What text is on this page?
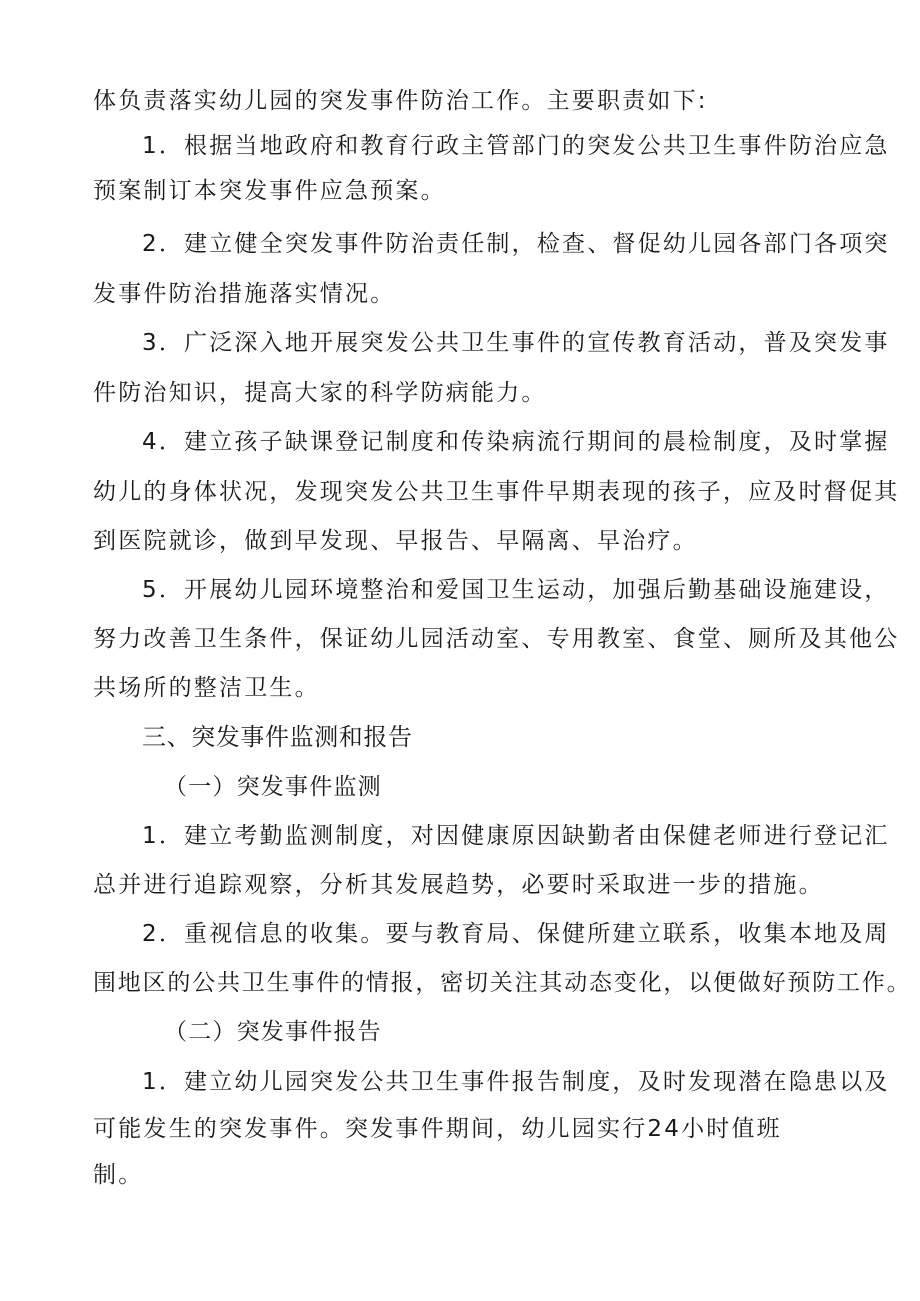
体负责落实幼儿园的突发事件防治工作。主要职责如下:
1．根据当地政府和教育行政主管部门的突发公共卫生事件防治应急
预案制订本突发事件应急预案。
2．建立健全突发事件防治责任制，检查、督促幼儿园各部门各项突
发事件防治措施落实情况。
3．广泛深入地开展突发公共卫生事件的宣传教育活动，普及突发事
件防治知识，提高大家的科学防病能力。
4．建立孩子缺课登记制度和传染病流行期间的晨检制度，及时掌握
幼儿的身体状况，发现突发公共卫生事件早期表现的孩子，应及时督促其
到医院就诊，做到早发现、早报告、早隔离、早治疗。
5．开展幼儿园环境整治和爱国卫生运动，加强后勤基础设施建设，
努力改善卫生条件，保证幼儿园活动室、专用教室、食堂、厕所及其他公
共场所的整洁卫生。
三、突发事件监测和报告
（一）突发事件监测
1．建立考勤监测制度，对因健康原因缺勤者由保健老师进行登记汇
总并进行追踪观察，分析其发展趋势，必要时采取进一步的措施。
2．重视信息的收集。要与教育局、保健所建立联系，收集本地及周
围地区的公共卫生事件的情报，密切关注其动态变化，以便做好预防工作。
（二）突发事件报告
1．建立幼儿园突发公共卫生事件报告制度，及时发现潜在隐患以及
可能发生的突发事件。突发事件期间，幼儿园实行24小时值班
制。
